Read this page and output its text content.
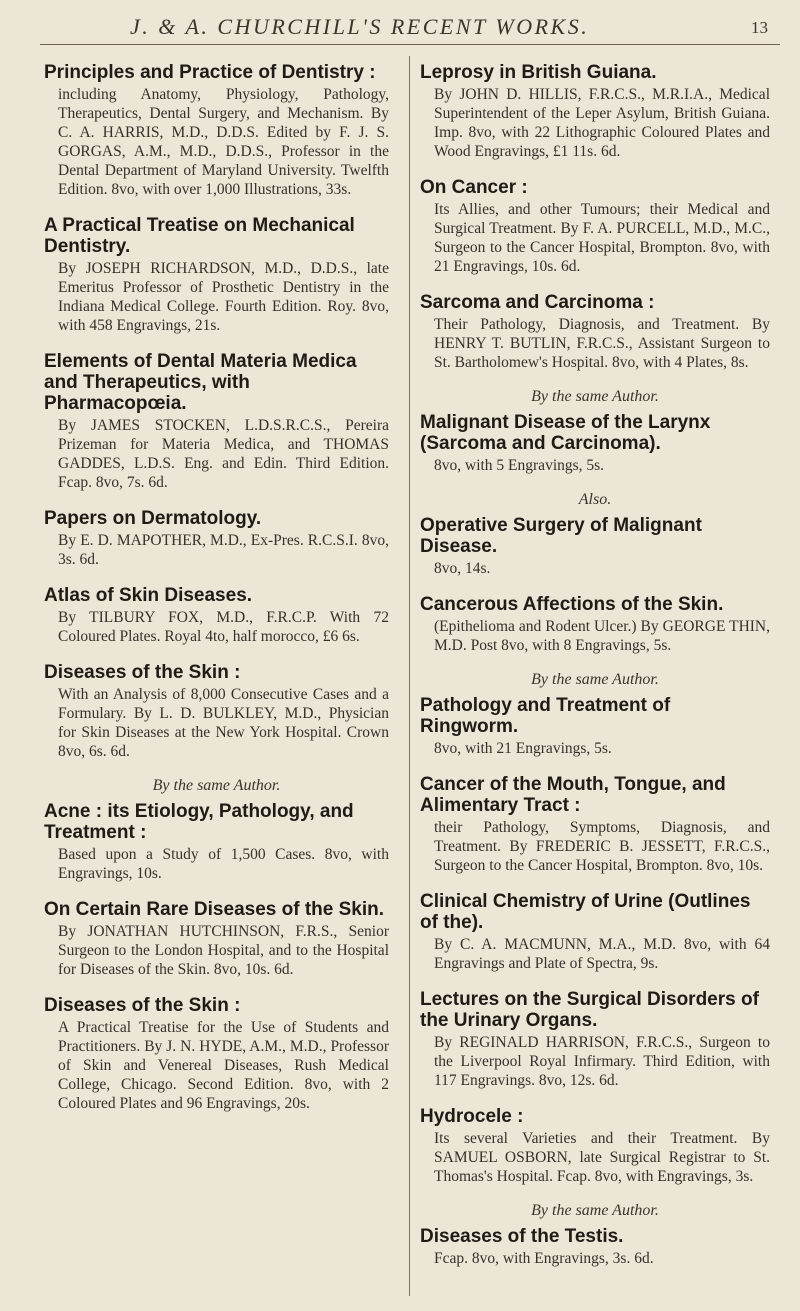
J. & A. CHURCHILL'S RECENT WORKS.	13
Principles and Practice of Dentistry :
including Anatomy, Physiology, Pathology, Therapeutics, Dental Surgery, and Mechanism. By C. A. HARRIS, M.D., D.D.S. Edited by F. J. S. GORGAS, A.M., M.D., D.D.S., Professor in the Dental Department of Maryland University. Twelfth Edition. 8vo, with over 1,000 Illustrations, 33s.
A Practical Treatise on Mechanical Dentistry.
By JOSEPH RICHARDSON, M.D., D.D.S., late Emeritus Professor of Prosthetic Dentistry in the Indiana Medical College. Fourth Edition. Roy. 8vo, with 458 Engravings, 21s.
Elements of Dental Materia Medica and Therapeutics, with Pharmacopœia.
By JAMES STOCKEN, L.D.S.R.C.S., Pereira Prizeman for Materia Medica, and THOMAS GADDES, L.D.S. Eng. and Edin. Third Edition. Fcap. 8vo, 7s. 6d.
Papers on Dermatology.
By E. D. MAPOTHER, M.D., Ex-Pres. R.C.S.I. 8vo, 3s. 6d.
Atlas of Skin Diseases.
By TILBURY FOX, M.D., F.R.C.P. With 72 Coloured Plates. Royal 4to, half morocco, £6 6s.
Diseases of the Skin :
With an Analysis of 8,000 Consecutive Cases and a Formulary. By L. D. BULKLEY, M.D., Physician for Skin Diseases at the New York Hospital. Crown 8vo, 6s. 6d.
By the same Author.
Acne : its Etiology, Pathology, and Treatment :
Based upon a Study of 1,500 Cases. 8vo, with Engravings, 10s.
On Certain Rare Diseases of the Skin.
By JONATHAN HUTCHINSON, F.R.S., Senior Surgeon to the London Hospital, and to the Hospital for Diseases of the Skin. 8vo, 10s. 6d.
Diseases of the Skin :
A Practical Treatise for the Use of Students and Practitioners. By J. N. HYDE, A.M., M.D., Professor of Skin and Venereal Diseases, Rush Medical College, Chicago. Second Edition. 8vo, with 2 Coloured Plates and 96 Engravings, 20s.
Leprosy in British Guiana.
By JOHN D. HILLIS, F.R.C.S., M.R.I.A., Medical Superintendent of the Leper Asylum, British Guiana. Imp. 8vo, with 22 Lithographic Coloured Plates and Wood Engravings, £1 11s. 6d.
On Cancer :
Its Allies, and other Tumours; their Medical and Surgical Treatment. By F. A. PURCELL, M.D., M.C., Surgeon to the Cancer Hospital, Brompton. 8vo, with 21 Engravings, 10s. 6d.
Sarcoma and Carcinoma :
Their Pathology, Diagnosis, and Treatment. By HENRY T. BUTLIN, F.R.C.S., Assistant Surgeon to St. Bartholomew's Hospital. 8vo, with 4 Plates, 8s.
By the same Author.
Malignant Disease of the Larynx (Sarcoma and Carcinoma).
8vo, with 5 Engravings, 5s.
Also.
Operative Surgery of Malignant Disease.
8vo, 14s.
Cancerous Affections of the Skin.
(Epithelioma and Rodent Ulcer.) By GEORGE THIN, M.D. Post 8vo, with 8 Engravings, 5s.
By the same Author.
Pathology and Treatment of Ringworm.
8vo, with 21 Engravings, 5s.
Cancer of the Mouth, Tongue, and Alimentary Tract :
their Pathology, Symptoms, Diagnosis, and Treatment. By FREDERIC B. JESSETT, F.R.C.S., Surgeon to the Cancer Hospital, Brompton. 8vo, 10s.
Clinical Chemistry of Urine (Outlines of the).
By C. A. MACMUNN, M.A., M.D. 8vo, with 64 Engravings and Plate of Spectra, 9s.
Lectures on the Surgical Disorders of the Urinary Organs.
By REGINALD HARRISON, F.R.C.S., Surgeon to the Liverpool Royal Infirmary. Third Edition, with 117 Engravings. 8vo, 12s. 6d.
Hydrocele :
Its several Varieties and their Treatment. By SAMUEL OSBORN, late Surgical Registrar to St. Thomas's Hospital. Fcap. 8vo, with Engravings, 3s.
By the same Author.
Diseases of the Testis.
Fcap. 8vo, with Engravings, 3s. 6d.
